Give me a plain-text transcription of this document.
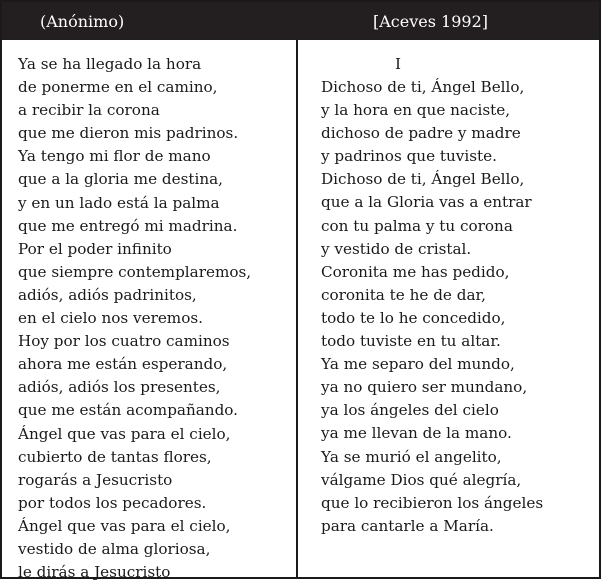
(Anónimo)	[Aceves 1992]
Ya se ha llegado la hora
de ponerme en el camino,
a recibir la corona
que me dieron mis padrinos.
Ya tengo mi flor de mano
que a la gloria me destina,
y en un lado está la palma
que me entregó mi madrina.
Por el poder infinito
que siempre contemplaremos,
adiós, adiós padrinitos,
en el cielo nos veremos.
Hoy por los cuatro caminos
ahora me están esperando,
adiós, adiós los presentes,
que me están acompañando.
Ángel que vas para el cielo,
cubierto de tantas flores,
rogarás a Jesucristo
por todos los pecadores.
Ángel que vas para el cielo,
vestido de alma gloriosa,
le dirás a Jesucristo
I
Dichoso de ti, Ángel Bello,
y la hora en que naciste,
dichoso de padre y madre
y padrinos que tuviste.
Dichoso de ti, Ángel Bello,
que a la Gloria vas a entrar
con tu palma y tu corona
y vestido de cristal.
Coronita me has pedido,
coronita te he de dar,
todo te lo he concedido,
todo tuviste en tu altar.
Ya me separo del mundo,
ya no quiero ser mundano,
ya los ángeles del cielo
ya me llevan de la mano.
Ya se murió el angelito,
válgame Dios qué alegría,
que lo recibieron los ángeles
para cantarle a María.
